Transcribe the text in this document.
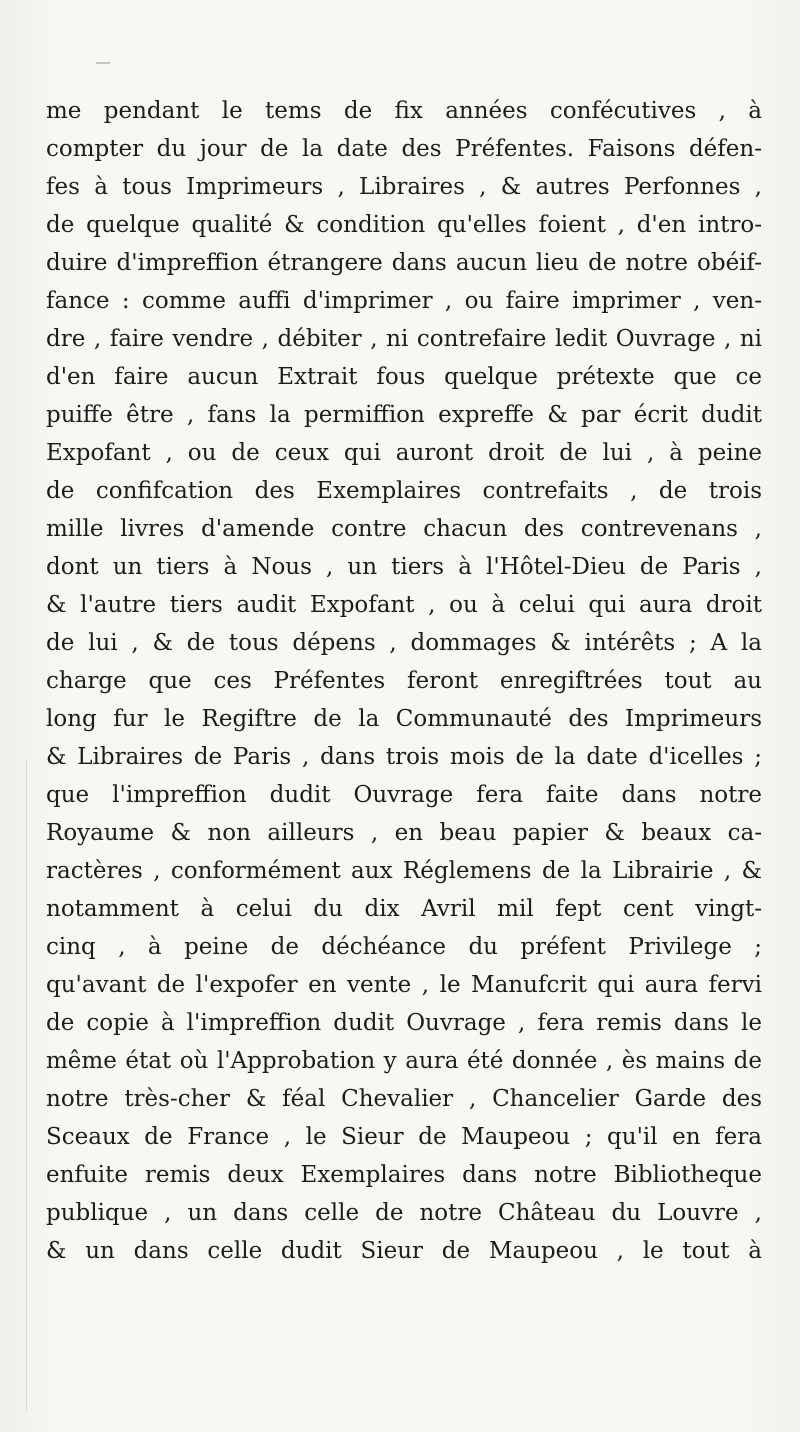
me pendant le tems de fix années confécutives , à
compter du jour de la date des Préfentes. Faisons défen-
fes à tous Imprimeurs , Libraires , & autres Perfonnes ,
de quelque qualité & condition qu'elles foient , d'en intro-
duire d'impreffion étrangere dans aucun lieu de notre obéif-
fance : comme auffi d'imprimer , ou faire imprimer , ven-
dre , faire vendre , débiter , ni contrefaire ledit Ouvrage , ni
d'en faire aucun Extrait fous quelque prétexte que ce
puiffe être , fans la permiffion expreffe & par écrit dudit
Expofant , ou de ceux qui auront droit de lui , à peine
de confifcation des Exemplaires contrefaits , de trois
mille livres d'amende contre chacun des contrevenans ,
dont un tiers à Nous , un tiers à l'Hôtel-Dieu de Paris ,
& l'autre tiers audit Expofant , ou à celui qui aura droit
de lui , & de tous dépens , dommages & intérêts ; A la
charge que ces Préfentes feront enregiftrées tout au
long fur le Regiftre de la Communauté des Imprimeurs
& Libraires de Paris , dans trois mois de la date d'icelles ;
que l'impreffion dudit Ouvrage fera faite dans notre
Royaume & non ailleurs , en beau papier & beaux ca-
ractères , conformément aux Réglemens de la Librairie , &
notamment à celui du dix Avril mil fept cent vingt-
cinq , à peine de déchéance du préfent Privilege ;
qu'avant de l'expofer en vente , le Manufcrit qui aura fervi
de copie à l'impreffion dudit Ouvrage , fera remis dans le
même état où l'Approbation y aura été donnée , ès mains de
notre très-cher & féal Chevalier , Chancelier Garde des
Sceaux de France , le Sieur de Maupeou ; qu'il en fera
enfuite remis deux Exemplaires dans notre Bibliotheque
publique , un dans celle de notre Château du Louvre ,
& un dans celle dudit Sieur de Maupeou , le tout à
